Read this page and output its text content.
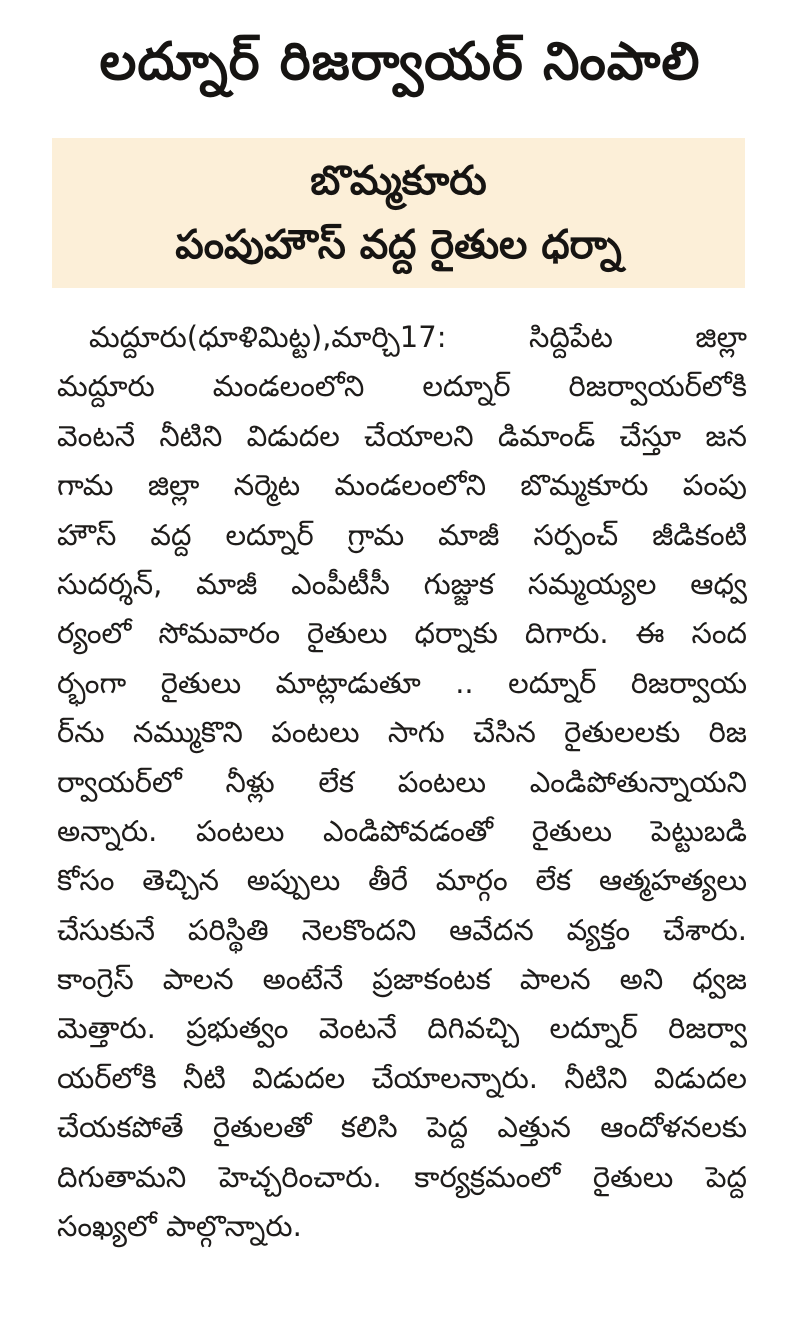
లద్నూర్ రిజర్వాయర్ నింపాలి
బొమ్మకూరు
పంపుహౌస్ వద్ద రైతుల ధర్నా
మద్దూరు(ధూళిమిట్ట),మార్చి17: సిద్దిపేట జిల్లా
మద్దూరు మండలంలోని లద్నూర్ రిజర్వాయర్‌లోకి
వెంటనే నీటిని విడుదల చేయాలని డిమాండ్ చేస్తూ జన
గామ జిల్లా నర్మెట మండలంలోని బొమ్మకూరు పంపు
హౌస్ వద్ద లద్నూర్ గ్రామ మాజీ సర్పంచ్ జీడికంటి
సుదర్శన్, మాజీ ఎంపీటీసీ గుజ్జుక సమ్మయ్యల ఆధ్వ
ర్యంలో సోమవారం రైతులు ధర్నాకు దిగారు. ఈ సంద
ర్భంగా రైతులు మాట్లాడుతూ .. లద్నూర్ రిజర్వాయ
ర్‌ను నమ్ముకొని పంటలు సాగు చేసిన రైతులలకు రిజ
ర్వాయర్‌లో నీళ్లు లేక పంటలు ఎండిపోతున్నాయని
అన్నారు. పంటలు ఎండిపోవడంతో రైతులు పెట్టుబడి
కోసం తెచ్చిన అప్పులు తీరే మార్గం లేక ఆత్మహత్యలు
చేసుకునే పరిస్థితి నెలకొందని ఆవేదన వ్యక్తం చేశారు.
కాంగ్రెస్ పాలన అంటేనే ప్రజాకంటక పాలన అని ధ్వజ
మెత్తారు. ప్రభుత్వం వెంటనే దిగివచ్చి లద్నూర్ రిజర్వా
యర్‌లోకి నీటి విడుదల చేయాలన్నారు. నీటిని విడుదల
చేయకపోతే రైతులతో కలిసి పెద్ద ఎత్తున ఆందోళనలకు
దిగుతామని హెచ్చరించారు. కార్యక్రమంలో రైతులు పెద్ద
సంఖ్యలో పాల్గొన్నారు.
